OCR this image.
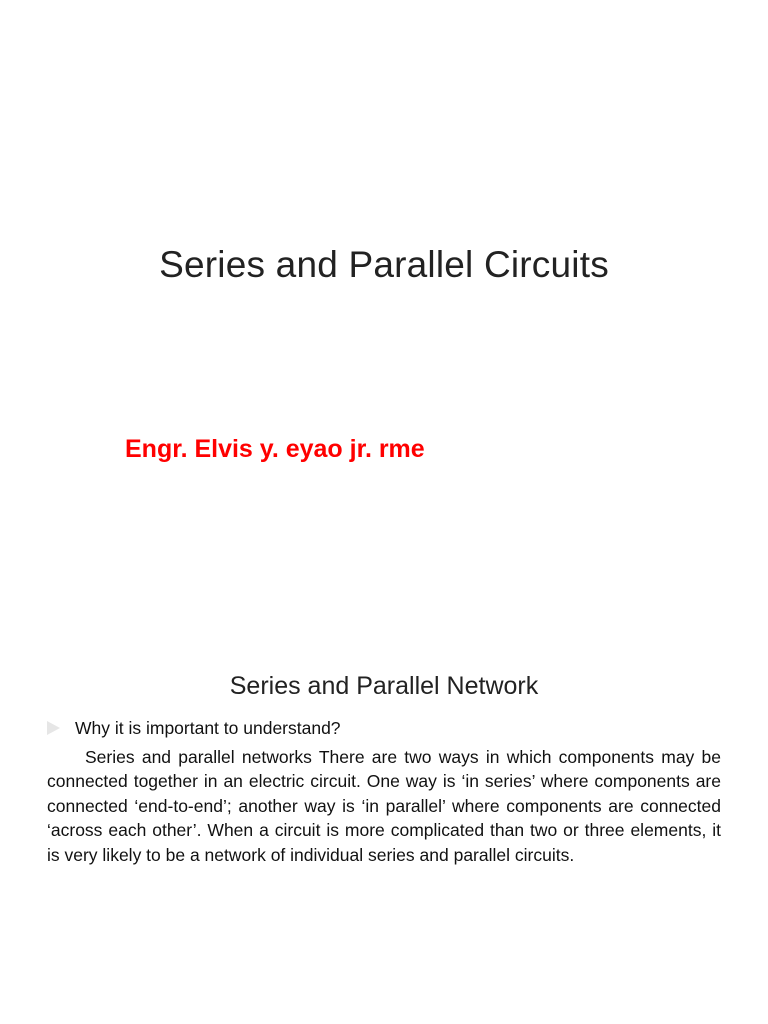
Series and Parallel Circuits
Engr. Elvis y. eyao jr. rme
Series and Parallel Network
Why it is important to understand?

Series and parallel networks There are two ways in which components may be connected together in an electric circuit. One way is ‘in series’ where components are connected ‘end-to-end’; another way is ‘in parallel’ where components are connected ‘across each other’. When a circuit is more complicated than two or three elements, it is very likely to be a network of individual series and parallel circuits.
